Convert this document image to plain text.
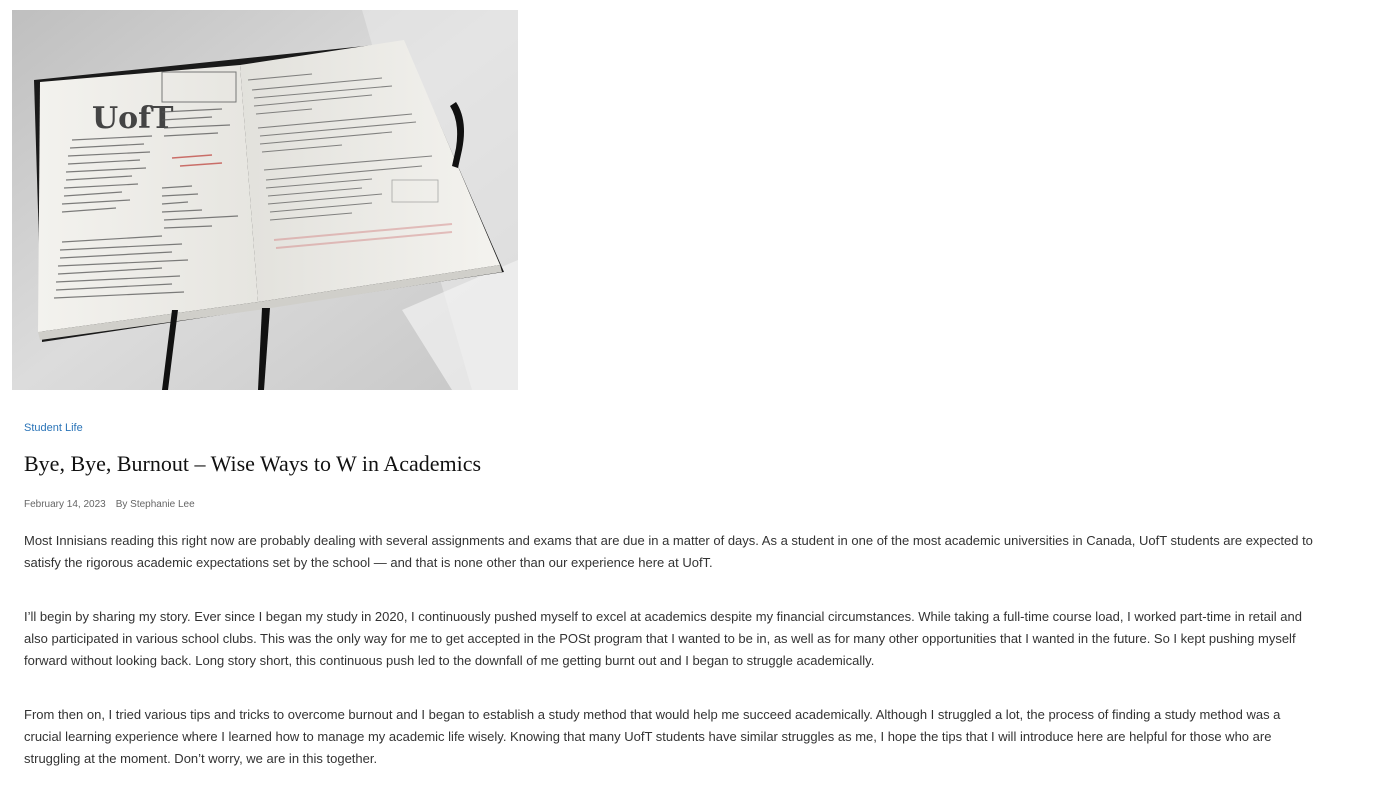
UofT
Student Life
Bye, Bye, Burnout – Wise Ways to W in Academics
February 14, 2023 By Stephanie Lee

Most Innisians reading this right now are probably dealing with several assignments and exams that are due in a matter of days. As a student in one of the most academic universities in Canada, UofT students are expected to satisfy the rigorous academic expectations set by the school — and that is none other than our experience here at UofT.

I’ll begin by sharing my story. Ever since I began my study in 2020, I continuously pushed myself to excel at academics despite my financial circumstances. While taking a full-time course load, I worked part-time in retail and also participated in various school clubs. This was the only way for me to get accepted in the POSt program that I wanted to be in, as well as for many other opportunities that I wanted in the future. So I kept pushing myself forward without looking back. Long story short, this continuous push led to the downfall of me getting burnt out and I began to struggle academically.

From then on, I tried various tips and tricks to overcome burnout and I began to establish a study method that would help me succeed academically. Although I struggled a lot, the process of finding a study method was a crucial learning experience where I learned how to manage my academic life wisely. Knowing that many UofT students have similar struggles as me, I hope the tips that I will introduce here are helpful for those who are struggling at the moment. Don’t worry, we are in this together.
